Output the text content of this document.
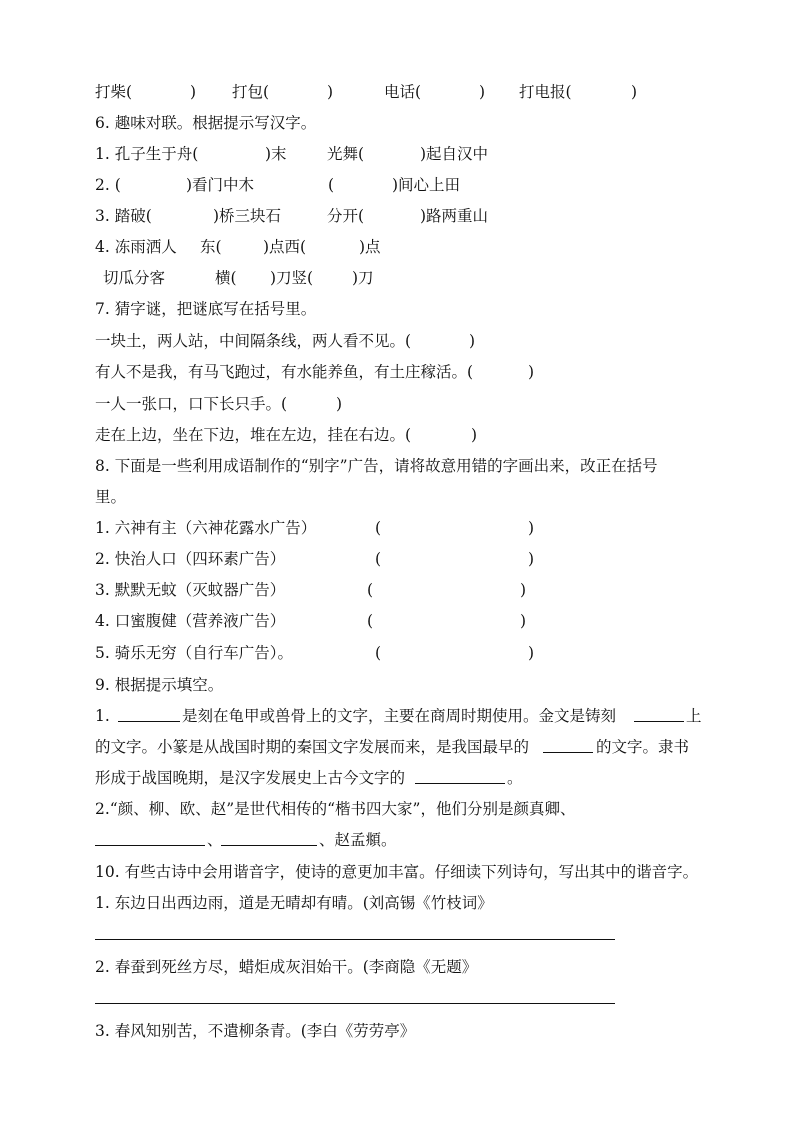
打柴(	) 打包(	)	电话(	) 打电报(	)
6. 趣味对联。根据提示写汉字。
1. 孔子生于舟(	)末	光舞(	)起自汉中
2. (	)看门中木	(	)间心上田
3. 踏破(	)桥三块石	分开(	)路两重山
4. 冻雨洒人 东(	)点西(	)点
切瓜分客	横( )刀竖(	)刀
7. 猜字谜，把谜底写在括号里。
一块土，两人站，中间隔条线，两人看不见。(	)
有人不是我，有马飞跑过，有水能养鱼，有土庄稼活。(	)
一人一张口，口下长只手。(	)
走在上边，坐在下边，堆在左边，挂在右边。(	)
8. 下面是一些利用成语制作的“别字”广告，请将故意用错的字画出来，改正在括号
里。
1. 六神有主（六神花露水广告）	(	)
2. 快治人口（四环素广告）	(	)
3. 默默无蚊（灭蚊器广告）	(	)
4. 口蜜腹健（营养液广告）	(	)
5. 骑乐无穷（自行车广告）。	(	)
9. 根据提示填空。
1.	是刻在龟甲或兽骨上的文字，主要在商周时期使用。金文是铸刻	上
的文字。小篆是从战国时期的秦国文字发展而来，是我国最早的	的文字。隶书
形成于战国晚期，是汉字发展史上古今文字的	。
2.“颜、柳、欧、赵”是世代相传的“楷书四大家”，他们分别是颜真卿、
、	、赵孟頫。
10. 有些古诗中会用谐音字，使诗的意更加丰富。仔细读下列诗句，写出其中的谐音字。
1. 东边日出西边雨，道是无晴却有晴。(刘高锡《竹枝词》
2. 春蚕到死丝方尽，蜡炬成灰泪始干。(李商隐《无题》
3. 春风知别苦，不遣柳条青。(李白《劳劳亭》
